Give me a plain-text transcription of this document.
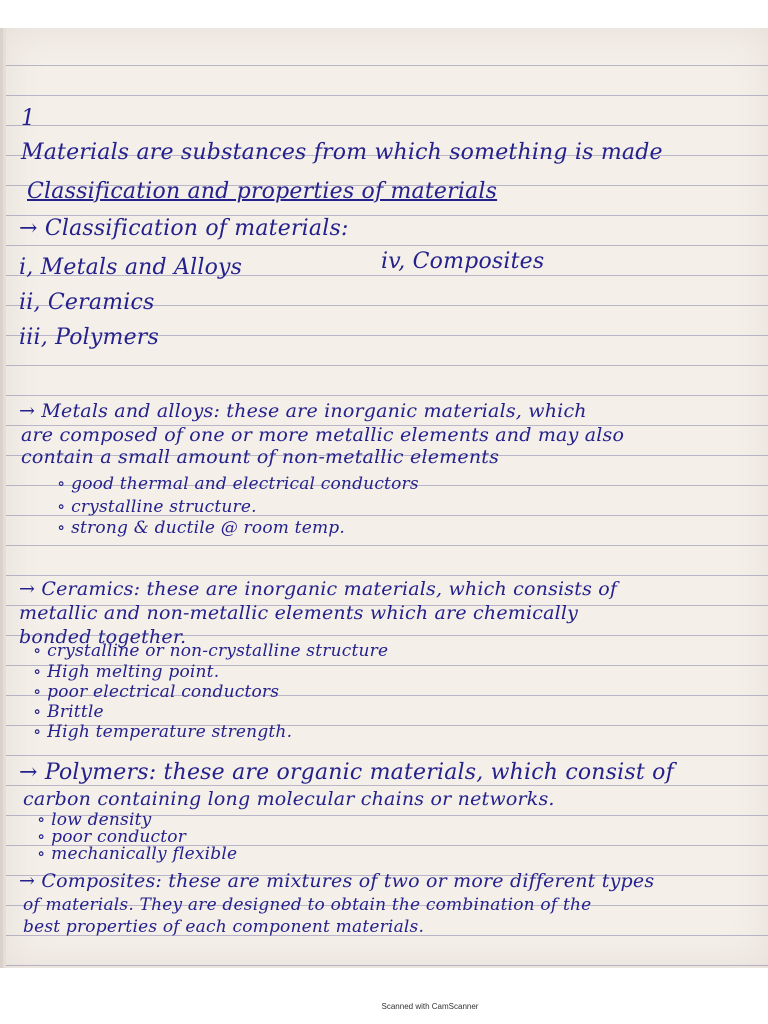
1
Materials are substances from which something is made
Classification and properties of materials
→ Classification of materials:
i, Metals and Alloys	iv, Composites
ii, Ceramics
iii, Polymers
→ Metals and alloys: these are inorganic materials, which
are composed of one or more metallic elements and may also
contain a small amount of non-metallic elements
∘ good thermal and electrical conductors
∘ crystalline structure.
∘ strong & ductile @ room temp.
→ Ceramics: these are inorganic materials, which consists of
metallic and non-metallic elements which are chemically
bonded together.
∘ crystalline or non-crystalline structure
∘ High melting point.
∘ poor electrical conductors
∘ Brittle
∘ High temperature strength.
→ Polymers: these are organic materials, which consist of
carbon containing long molecular chains or networks.
∘ low density
∘ poor conductor
∘ mechanically flexible
→ Composites: these are mixtures of two or more different types
of materials. They are designed to obtain the combination of the
best properties of each component materials.
Scanned with CamScanner
